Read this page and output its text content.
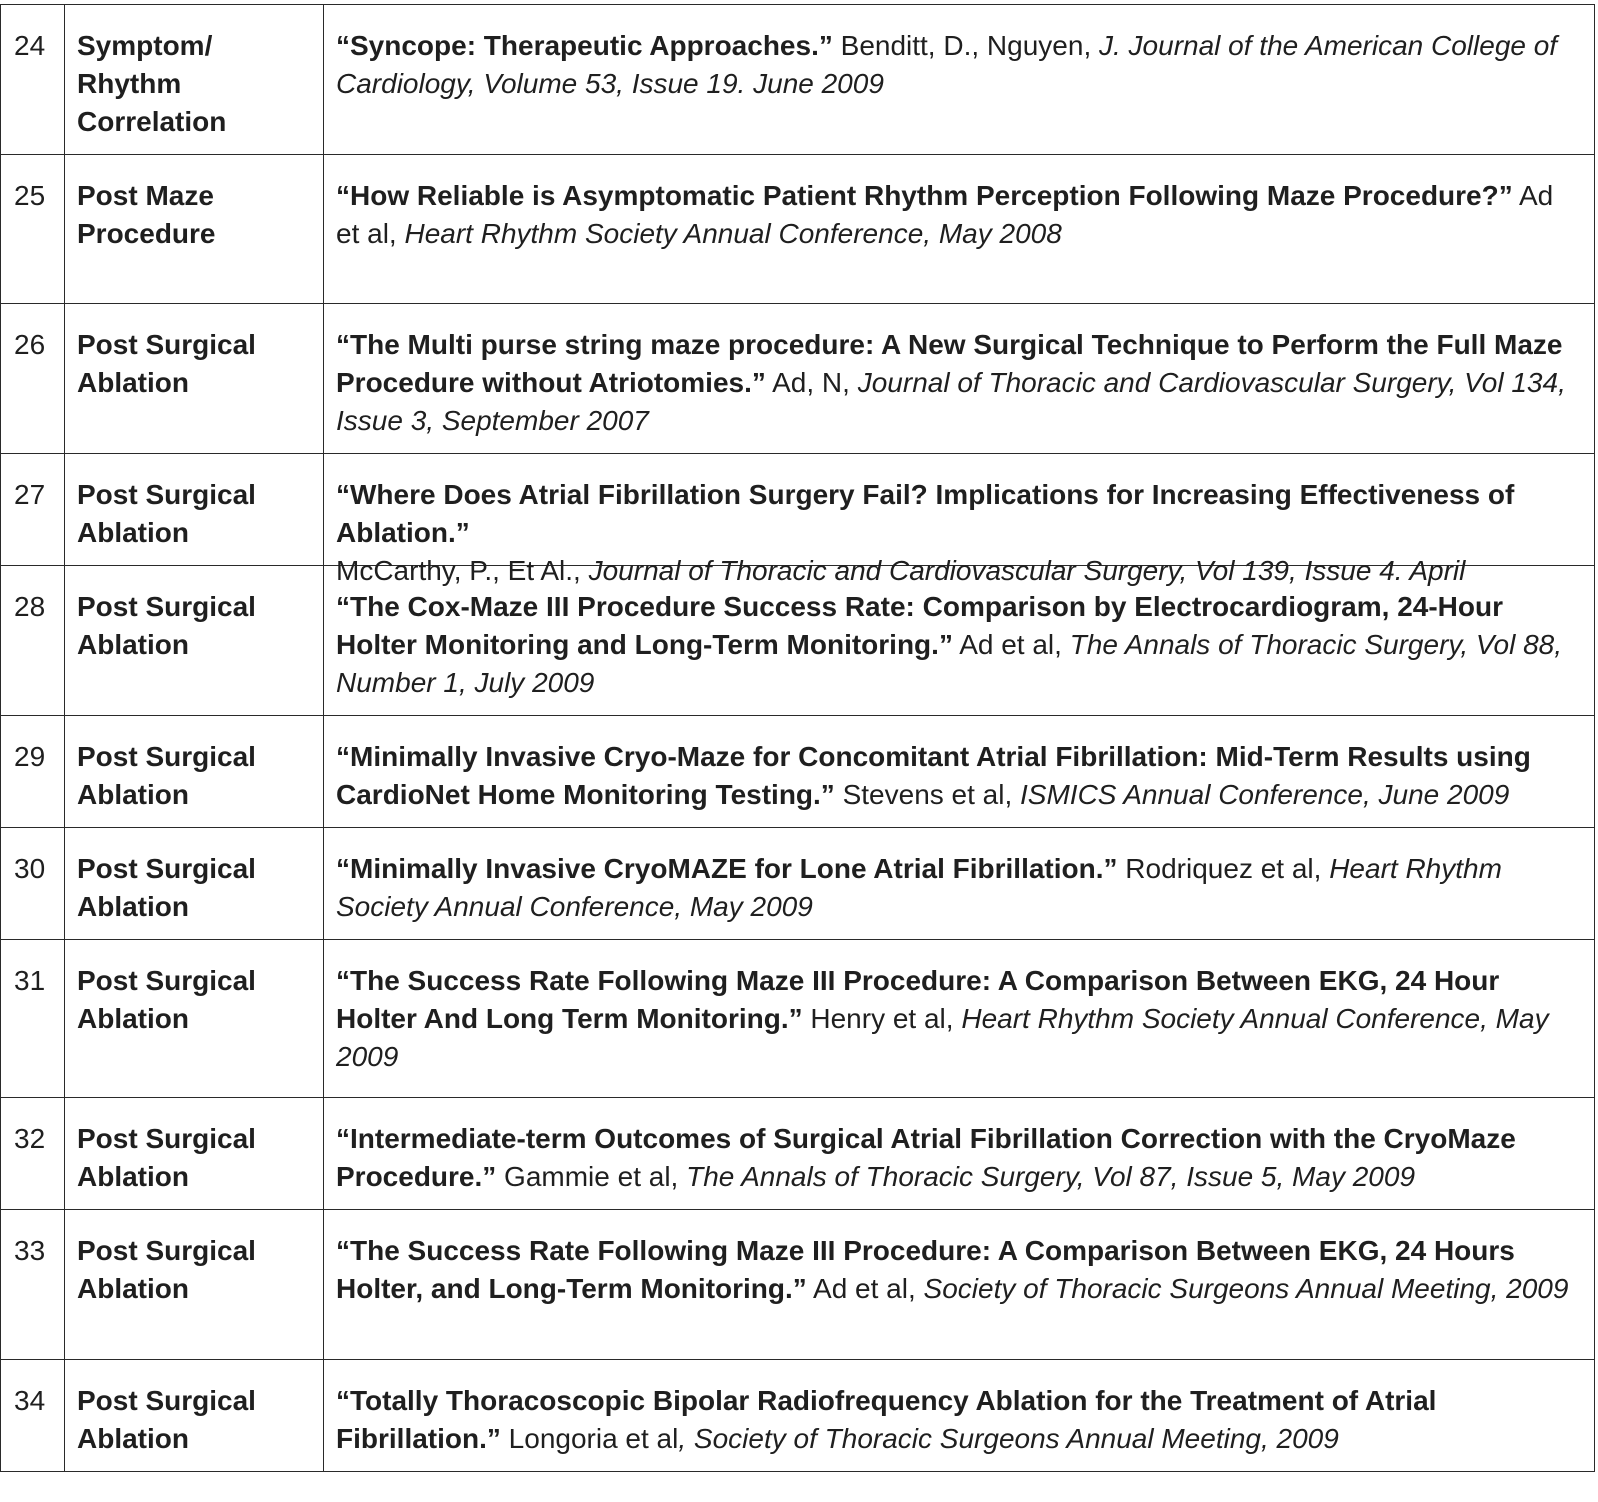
24	Symptom/ Rhythm Correlation	“Syncope: Therapeutic Approaches.” Benditt, D., Nguyen, J. Journal of the American College of Cardiology, Volume 53, Issue 19. June 2009
25	Post Maze Procedure	“How Reliable is Asymptomatic Patient Rhythm Perception Following Maze Procedure?” Ad et al, Heart Rhythm Society Annual Conference, May 2008
26	Post Surgical Ablation	“The Multi purse string maze procedure: A New Surgical Technique to Perform the Full Maze Procedure without Atriotomies.” Ad, N, Journal of Thoracic and Cardiovascular Surgery, Vol 134, Issue 3, September 2007
27	Post Surgical Ablation	“Where Does Atrial Fibrillation Surgery Fail? Implications for Increasing Effectiveness of Ablation.” McCarthy, P., Et Al., Journal of Thoracic and Cardiovascular Surgery, Vol 139, Issue 4. April

28	Post Surgical Ablation	“The Cox-Maze III Procedure Success Rate: Comparison by Electrocardiogram, 24-Hour Holter Monitoring and Long-Term Monitoring.” Ad et al, The Annals of Thoracic Surgery, Vol 88, Number 1, July 2009
29	Post Surgical Ablation	“Minimally Invasive Cryo-Maze for Concomitant Atrial Fibrillation: Mid-Term Results using CardioNet Home Monitoring Testing.” Stevens et al, ISMICS Annual Conference, June 2009
30	Post Surgical Ablation	“Minimally Invasive CryoMAZE for Lone Atrial Fibrillation.” Rodriquez et al, Heart Rhythm Society Annual Conference, May 2009
31	Post Surgical Ablation	“The Success Rate Following Maze III Procedure: A Comparison Between EKG, 24 Hour Holter And Long Term Monitoring.” Henry et al, Heart Rhythm Society Annual Conference, May 2009
32	Post Surgical Ablation	“Intermediate-term Outcomes of Surgical Atrial Fibrillation Correction with the CryoMaze Procedure.” Gammie et al, The Annals of Thoracic Surgery, Vol 87, Issue 5, May 2009
33	Post Surgical Ablation	“The Success Rate Following Maze III Procedure: A Comparison Between EKG, 24 Hours Holter, and Long-Term Monitoring.” Ad et al, Society of Thoracic Surgeons Annual Meeting, 2009
34	Post Surgical Ablation	“Totally Thoracoscopic Bipolar Radiofrequency Ablation for the Treatment of Atrial Fibrillation.” Longoria et al, Society of Thoracic Surgeons Annual Meeting, 2009
